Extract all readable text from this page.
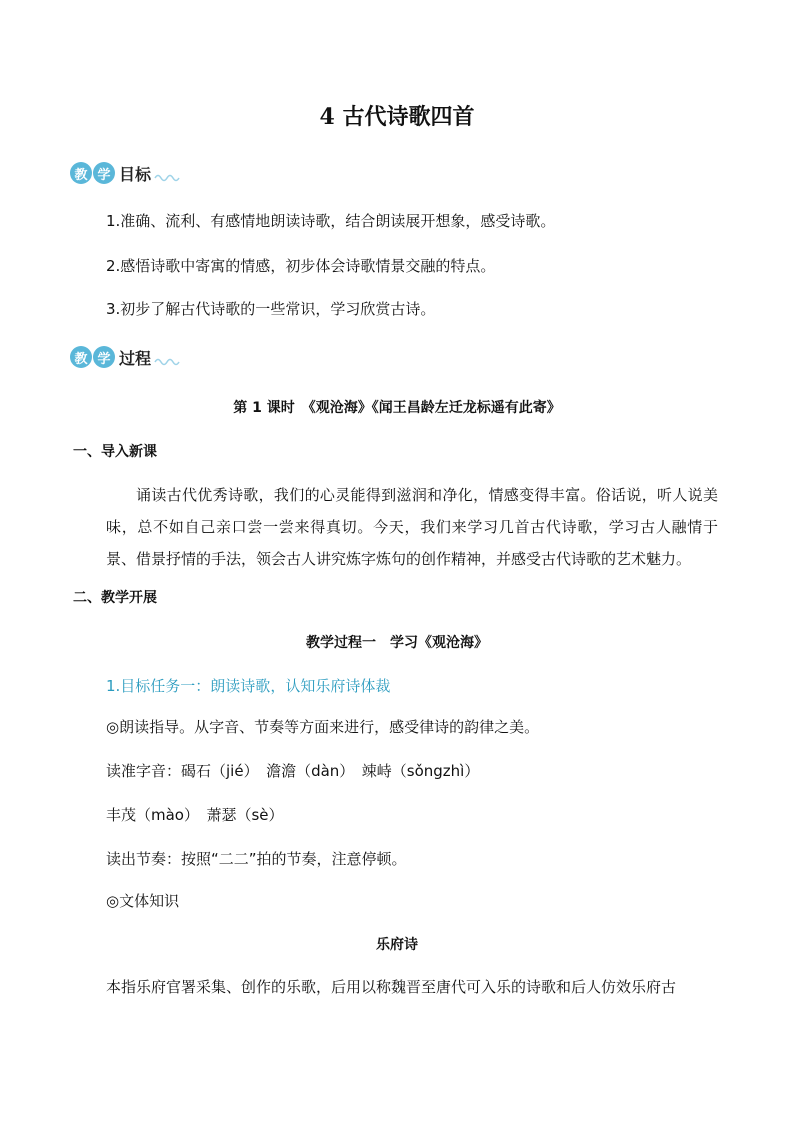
4 古代诗歌四首
教 学 目标
1.准确、流利、有感情地朗读诗歌，结合朗读展开想象，感受诗歌。
2.感悟诗歌中寄寓的情感，初步体会诗歌情景交融的特点。
3.初步了解古代诗歌的一些常识，学习欣赏古诗。
教 学 过程
第 1 课时　《观沧海》《闻王昌龄左迁龙标遥有此寄》
一、导入新课
诵读古代优秀诗歌，我们的心灵能得到滋润和净化，情感变得丰富。俗话说，听人说美味，总不如自己亲口尝一尝来得真切。今天，我们来学习几首古代诗歌，学习古人融情于景、借景抒情的手法，领会古人讲究炼字炼句的创作精神，并感受古代诗歌的艺术魅力。
二、教学开展
教学过程一　学习《观沧海》
1.目标任务一：朗读诗歌，认知乐府诗体裁
◎朗读指导。从字音、节奏等方面来进行，感受律诗的韵律之美。
读准字音：碣石（jié）　澹澹（dàn）　竦峙（sǒngzhì）
丰茂（mào）　萧瑟（sè）
读出节奏：按照“二二”拍的节奏，注意停顿。
◎文体知识
乐府诗
本指乐府官署采集、创作的乐歌，后用以称魏晋至唐代可入乐的诗歌和后人仿效乐府古
